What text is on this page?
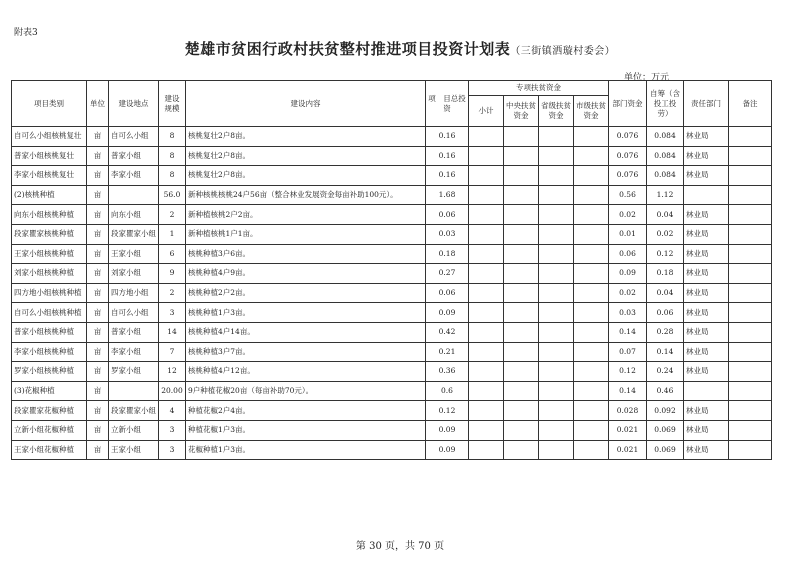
附表3
楚雄市贫困行政村扶贫整村推进项目投资计划表（三街镇洒璇村委会）
单位：万元
项目类别	单位	建设地点	建设规模	建设内容	项　目总投资	专项扶贫资金				部门资金	自筹（含投工投劳）	责任部门	备注
						小计	中央扶贫资金	省级扶贫资金	市级扶贫资金				
自可么小组核桃复壮	亩	自可么小组	8	核桃复壮2户8亩。	0.16					0.076	0.084	林业局	
普家小组核桃复壮	亩	普家小组	8	核桃复壮2户8亩。	0.16					0.076	0.084	林业局	
李家小组核桃复壮	亩	李家小组	8	核桃复壮2户8亩。	0.16					0.076	0.084	林业局	
(2)核桃种植	亩		56.0	新种核桃核桃24户56亩（整合林业发展资金每亩补助100元）。	1.68					0.56	1.12		
向东小组核桃种植	亩	向东小组	2	新种植核桃2户2亩。	0.06					0.02	0.04	林业局	
段家瞿家核桃种植	亩	段家瞿家小组	1	新种植核桃1户1亩。	0.03					0.01	0.02	林业局	
王家小组核桃种植	亩	王家小组	6	核桃种植3户6亩。	0.18					0.06	0.12	林业局	
刘家小组核桃种植	亩	刘家小组	9	核桃种植4户9亩。	0.27					0.09	0.18	林业局	
四方地小组核桃种植	亩	四方地小组	2	核桃种植2户2亩。	0.06					0.02	0.04	林业局	
自可么小组核桃种植	亩	自可么小组	3	核桃种植1户3亩。	0.09					0.03	0.06	林业局	
普家小组核桃种植	亩	普家小组	14	核桃种植4户14亩。	0.42					0.14	0.28	林业局	
李家小组核桃种植	亩	李家小组	7	核桃种植3户7亩。	0.21					0.07	0.14	林业局	
罗家小组核桃种植	亩	罗家小组	12	核桃种植4户12亩。	0.36					0.12	0.24	林业局	
(3)花椒种植	亩		20.00	9户种植花椒20亩（每亩补助70元）。	0.6					0.14	0.46		
段家瞿家花椒种植	亩	段家瞿家小组	4	种植花椒2户4亩。	0.12					0.028	0.092	林业局	
立新小组花椒种植	亩	立新小组	3	种植花椒1户3亩。	0.09					0.021	0.069	林业局	
王家小组花椒种植	亩	王家小组	3	花椒种植1户3亩。	0.09					0.021	0.069	林业局	
第 30 页，共 70 页
